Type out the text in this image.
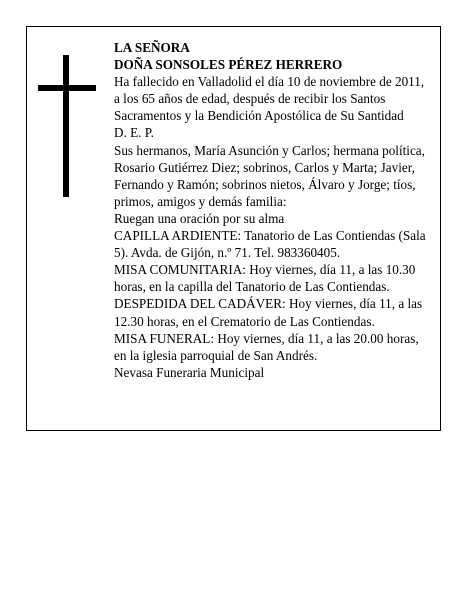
LA SEÑORA

DOÑA SONSOLES PÉREZ HERRERO

Ha fallecido en Valladolid el día 10 de noviembre de 2011, a los 65 años de edad, después de recibir los Santos Sacramentos y la Bendición Apostólica de Su Santidad

D. E. P.

Sus hermanos, María Asunción y Carlos; hermana política, Rosario Gutiérrez Diez; sobrinos, Carlos y Marta; Javier, Fernando y Ramón; sobrinos nietos, Álvaro y Jorge; tíos, primos, amigos y demás familia:

Ruegan una oración por su alma

CAPILLA ARDIENTE: Tanatorio de Las Contiendas (Sala 5). Avda. de Gijón, n.º 71. Tel. 983360405.

MISA COMUNITARIA: Hoy viernes, día 11, a las 10.30 horas, en la capilla del Tanatorio de Las Contiendas.

DESPEDIDA DEL CADÁVER: Hoy viernes, día 11, a las 12.30 horas, en el Crematorio de Las Contiendas.

MISA FUNERAL: Hoy viernes, día 11, a las 20.00 horas, en la iglesia parroquial de San Andrés.

Nevasa Funeraria Municipal
